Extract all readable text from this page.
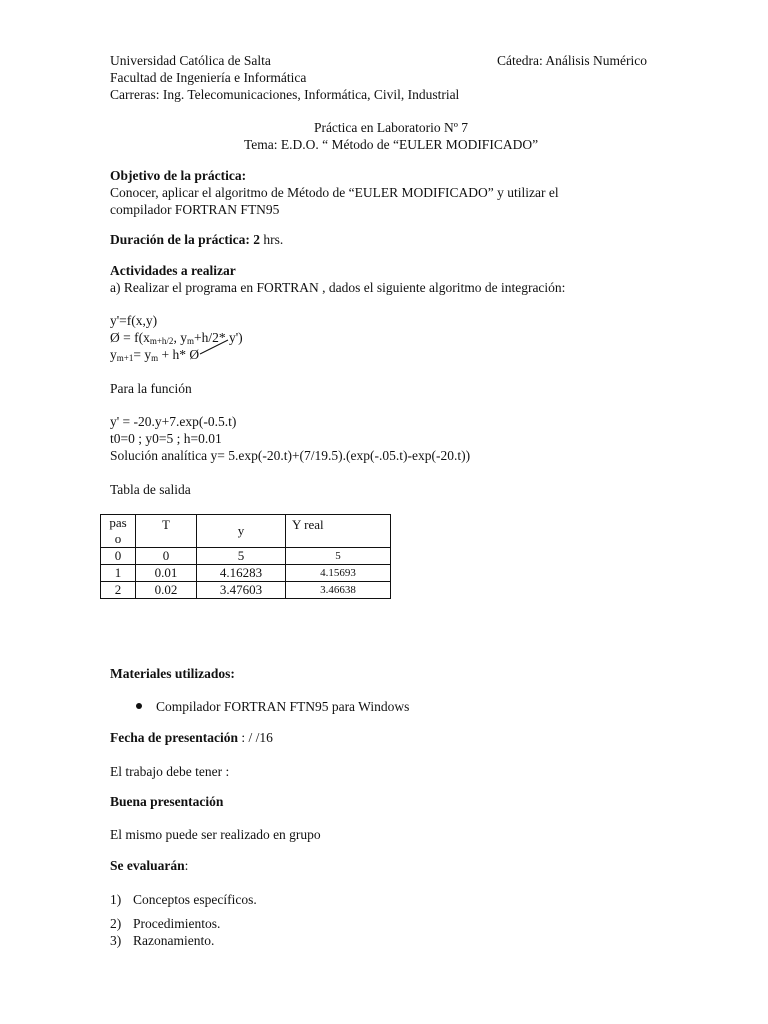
Universidad Católica de Salta	Cátedra: Análisis Numérico
Facultad de Ingeniería e Informática
Carreras: Ing. Telecomunicaciones, Informática, Civil, Industrial
Práctica en Laboratorio Nº 7
Tema: E.D.O. “ Método de “EULER MODIFICADO”
Objetivo de la práctica:
Conocer, aplicar el algoritmo de Método de “EULER MODIFICADO” y utilizar el
compilador FORTRAN FTN95
Duración de la práctica: 2 hrs.
Actividades a realizar
a) Realizar el programa en FORTRAN , dados el siguiente algoritmo de integración:
y'=f(x,y)
Ø = $f(x_{m+h/2}$, $y_m+h/2*$ y')
$y_{m+1}= y_m + h*$ Ø
Para la función
y' = -20.y+7.exp(-0.5.t)
t0=0 ; y0=5 ; h=0.01
Solución analítica y= 5.exp(-20.t)+(7/19.5).(exp(-.05.t)-exp(-20.t))
Tabla de salida
pas
o	T	y	Y real
0	0	5	5
1	0.01	4.16283	4.15693
2	0.02	3.47603	3.46638
Materiales utilizados:
Compilador FORTRAN FTN95 para Windows
Fecha de presentación : / /16
El trabajo debe tener :
Buena presentación
El mismo puede ser realizado en grupo
Se evaluarán:
1) Conceptos específicos.
2) Procedimientos.
3) Razonamiento.
